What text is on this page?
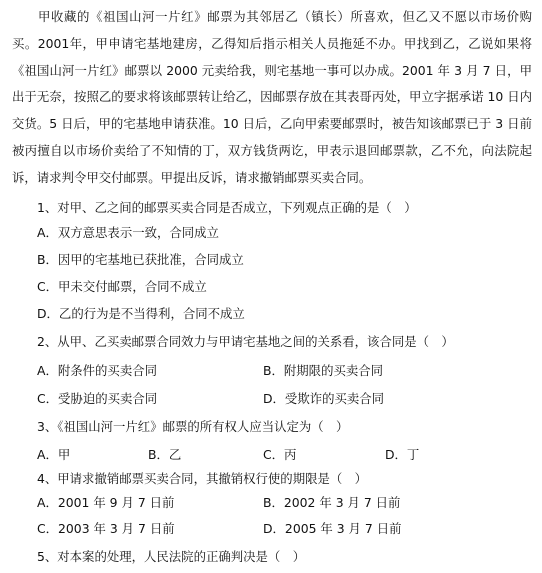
甲收藏的《祖国山河一片红》邮票为其邻居乙（镇长）所喜欢，但乙又不愿以市场价购买。2001年，甲申请宅基地建房，乙得知后指示相关人员拖延不办。甲找到乙，乙说如果将《祖国山河一片红》邮票以 2000 元卖给我，则宅基地一事可以办成。2001 年 3 月 7 日，甲出于无奈，按照乙的要求将该邮票转让给乙，因邮票存放在其表哥丙处，甲立字据承诺 10 日内交货。5 日后，甲的宅基地申请获准。10 日后，乙向甲索要邮票时，被告知该邮票已于 3 日前被丙擅自以市场价卖给了不知情的丁，双方钱货两讫，甲表示退回邮票款，乙不允，向法院起诉，请求判令甲交付邮票。甲提出反诉，请求撤销邮票买卖合同。

1、对甲、乙之间的邮票买卖合同是否成立，下列观点正确的是（　）

A．双方意思表示一致，合同成立

B．因甲的宅基地已获批准，合同成立

C．甲未交付邮票，合同不成立

D．乙的行为是不当得利，合同不成立

2、从甲、乙买卖邮票合同效力与甲请宅基地之间的关系看，该合同是（　）

A．附条件的买卖合同	B．附期限的买卖合同

C．受胁迫的买卖合同	D．受欺诈的买卖合同

3、《祖国山河一片红》邮票的所有权人应当认定为（　）

A．甲	B．乙	C．丙	D．丁

4、甲请求撤销邮票买卖合同，其撤销权行使的期限是（　）

A．2001 年 9 月 7 日前	B．2002 年 3 月 7 日前

C．2003 年 3 月 7 日前	D．2005 年 3 月 7 日前

5、对本案的处理，人民法院的正确判决是（　）
